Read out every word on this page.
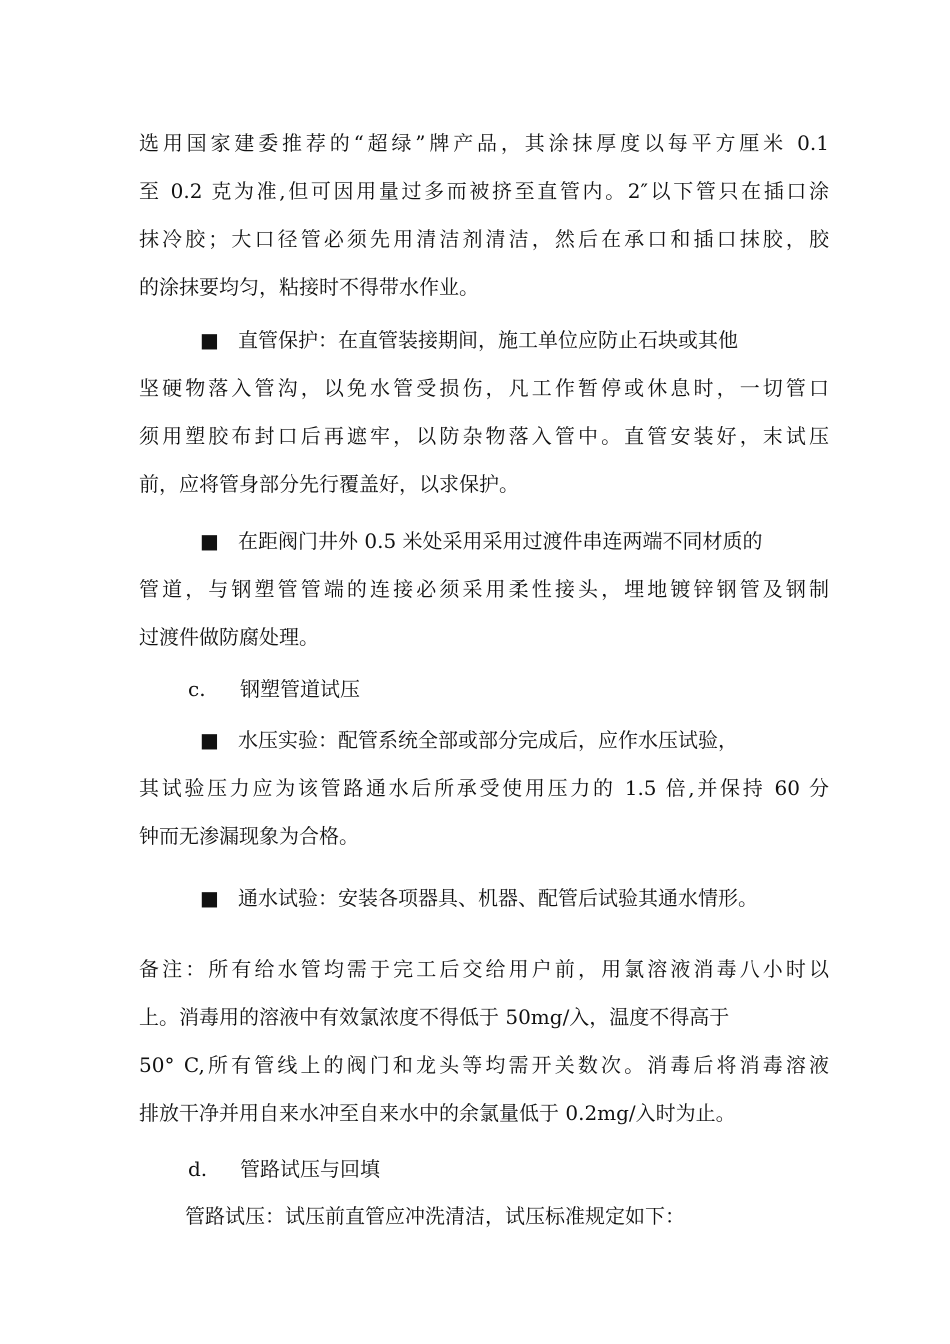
选用国家建委推荐的“超绿”牌产品，其涂抹厚度以每平方厘米 0.1
至 0.2 克为准,但可因用量过多而被挤至直管内。2″以下管只在插口涂
抹冷胶；大口径管必须先用清洁剂清洁，然后在承口和插口抹胶，胶
的涂抹要均匀，粘接时不得带水作业。
■ 直管保护：在直管装接期间，施工单位应防止石块或其他
坚硬物落入管沟，以免水管受损伤，凡工作暂停或休息时，一切管口
须用塑胶布封口后再遮牢，以防杂物落入管中。直管安装好，末试压
前，应将管身部分先行覆盖好，以求保护。
■ 在距阀门井外 0.5 米处采用采用过渡件串连两端不同材质的
管道，与钢塑管管端的连接必须采用柔性接头，埋地镀锌钢管及钢制
过渡件做防腐处理。
c. 钢塑管道试压
■ 水压实验：配管系统全部或部分完成后，应作水压试验，
其试验压力应为该管路通水后所承受使用压力的 1.5 倍,并保持 60 分
钟而无渗漏现象为合格。
■ 通水试验：安装各项器具、机器、配管后试验其通水情形。
备注：所有给水管均需于完工后交给用户前，用氯溶液消毒八小时以
上。消毒用的溶液中有效氯浓度不得低于 50mg/入，温度不得高于
50° C,所有管线上的阀门和龙头等均需开关数次。消毒后将消毒溶液
排放干净并用自来水冲至自来水中的余氯量低于 0.2mg/入时为止。
d. 管路试压与回填
管路试压：试压前直管应冲洗清洁，试压标准规定如下：
